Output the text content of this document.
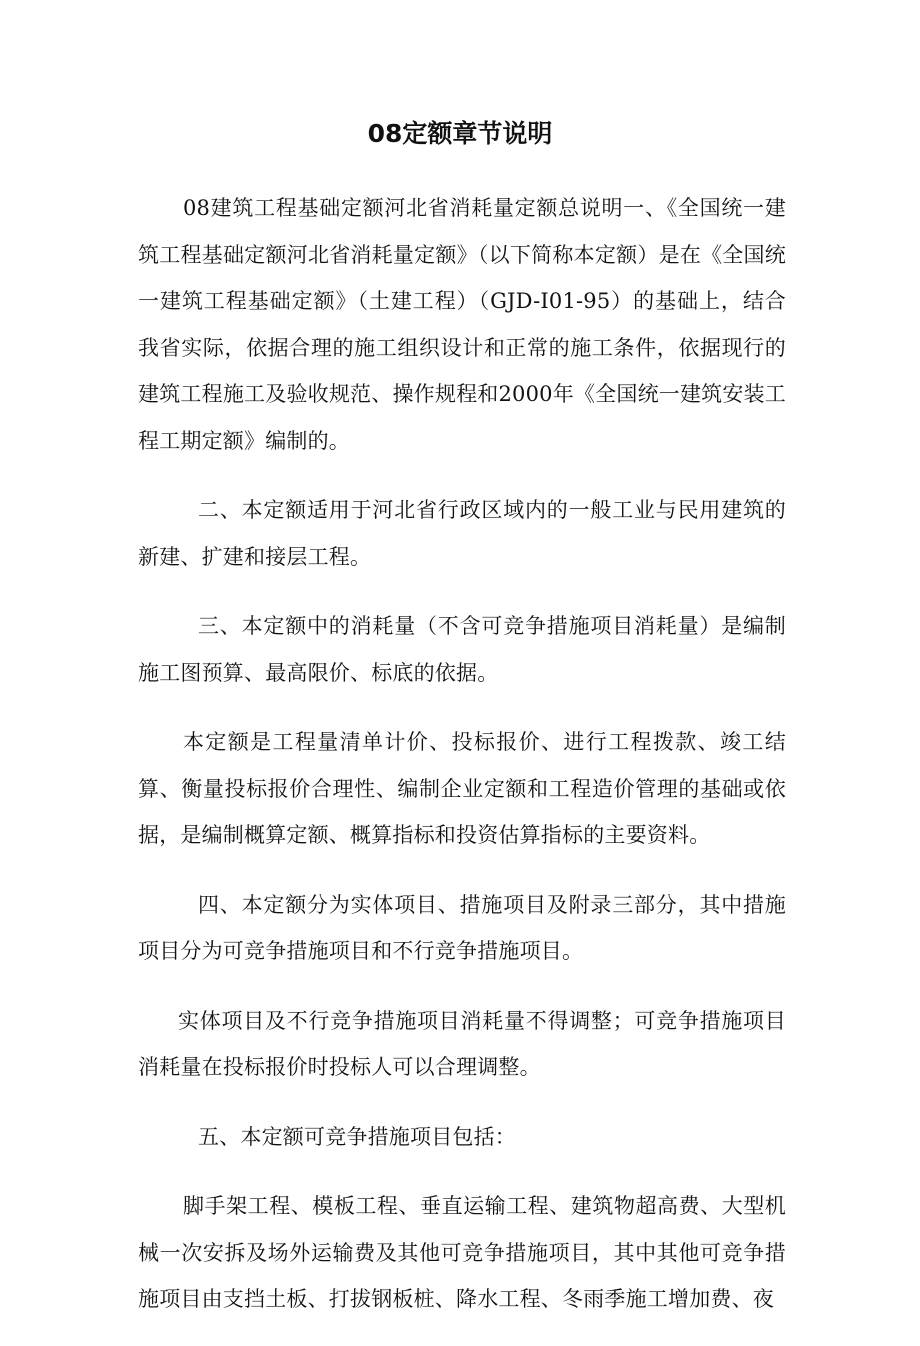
08定额章节说明

08建筑工程基础定额河北省消耗量定额总说明一、《全国统一建筑工程基础定额河北省消耗量定额》（以下简称本定额）是在《全国统一建筑工程基础定额》（土建工程）（GJD-I01-95）的基础上，结合我省实际，依据合理的施工组织设计和正常的施工条件，依据现行的建筑工程施工及验收规范、操作规程和2000年《全国统一建筑安装工程工期定额》编制的。

二、本定额适用于河北省行政区域内的一般工业与民用建筑的新建、扩建和接层工程。

三、本定额中的消耗量（不含可竞争措施项目消耗量）是编制施工图预算、最高限价、标底的依据。

本定额是工程量清单计价、投标报价、进行工程拨款、竣工结算、衡量投标报价合理性、编制企业定额和工程造价管理的基础或依据，是编制概算定额、概算指标和投资估算指标的主要资料。

四、本定额分为实体项目、措施项目及附录三部分，其中措施项目分为可竞争措施项目和不行竞争措施项目。

实体项目及不行竞争措施项目消耗量不得调整；可竞争措施项目消耗量在投标报价时投标人可以合理调整。

五、本定额可竞争措施项目包括：

脚手架工程、模板工程、垂直运输工程、建筑物超高费、大型机械一次安拆及场外运输费及其他可竞争措施项目，其中其他可竞争措施项目由支挡土板、打拔钢板桩、降水工程、冬雨季施工增加费、夜
